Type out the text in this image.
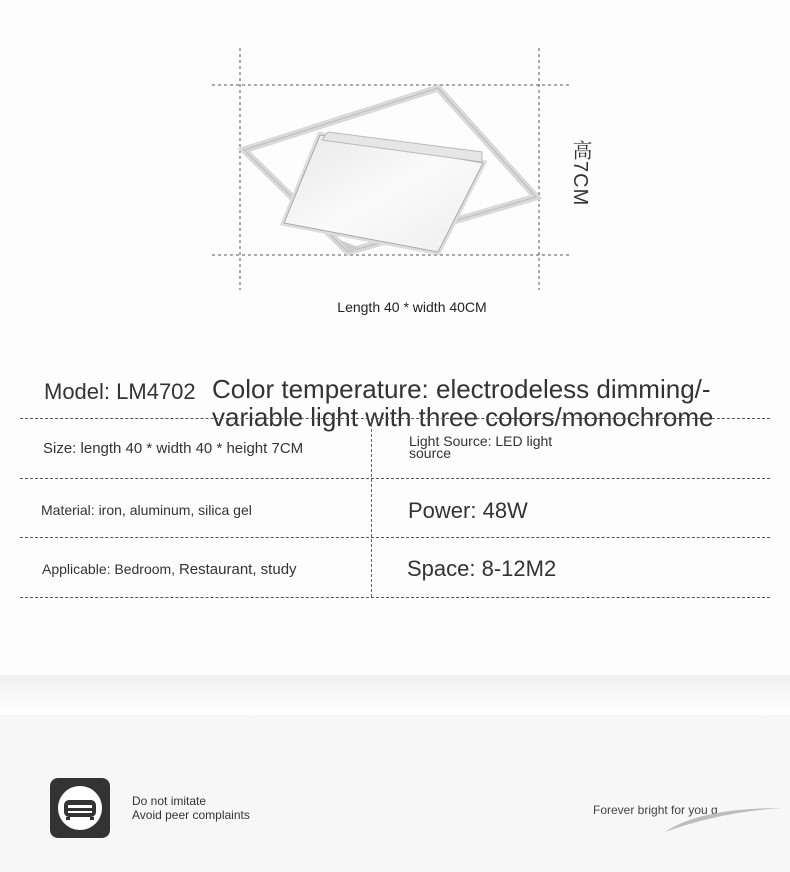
高7CM
Length 40 * width 40CM
Model: LM4702 Color temperature: electrodeless dimming/-variable light with three colors/monochrome
Size: length 40 * width 40 * height 7CM	Light Source: LED light source
Material: iron, aluminum, silica gel	Power: 48W
Applicable: Bedroom, Restaurant, study	Space: 8-12M2
Do not imitate
Avoid peer complaints	Forever bright for you g
